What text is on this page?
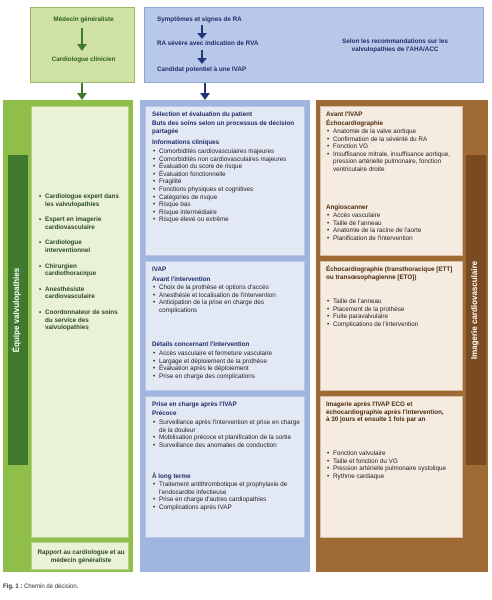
Médecin généraliste
Cardiologue clinicien
Symptômes et signes de RA
RA sévère avec indication de RVA
Candidat potentiel à une IVAP
Selon les recommandations sur les valvulopathies de l'AHA/ACC
Équipe valvulopathies
• Cardiologue expert dans les valvulopathies
• Expert en imagerie cardiovasculaire
• Cardiologue interventionnel
• Chirurgien cardiothoracique
• Anesthésiste cardiovasculaire
• Coordonnateur de soins du service des valvulopathies
Rapport au cardiologue et au médecin généraliste
Sélection et évaluation du patient
Buts des soins selon un processus de décision partagée
Informations cliniques
• Comorbidités cardiovasculaires majeures
• Comorbidités non cardiovasculaires majeures
• Évaluation du score de risque
• Évaluation fonctionnelle
• Fragilité
• Fonctions physiques et cognitives
• Catégories de risque
• Risque bas
• Risque intermédiaire
• Risque élevé ou extrême
IVAP
Avant l'intervention
• Choix de la prothèse et options d'accès
• Anesthésie et localisation de l'intervention
• Anticipation de la prise en charge des complications
Détails concernant l'intervention
• Accès vasculaire et fermeture vasculaire
• Largage et déploiement de la prothèse
• Évaluation après le déploiement
• Prise en charge des complications
Prise en charge après l'IVAP
Précoce
• Surveillance après l'intervention et prise en charge de la douleur
• Mobilisation précoce et planification de la sortie
• Surveillance des anomalies de conduction
À long terme
• Traitement antithrombotique et prophylaxie de l'endocardite infectieuse
• Prise en charge d'autres cardiopathies
• Complications après IVAP
Imagerie cardiovasculaire
Avant l'IVAP
Échocardiographie
• Anatomie de la valve aortique
• Confirmation de la sévérité du RA
• Fonction VG
• Insuffisance mitrale, insuffisance aortique, pression artérielle pulmonaire, fonction ventriculaire droite
Angioscanner
• Accès vasculaire
• Taille de l'anneau
• Anatomie de la racine de l'aorte
• Planification de l'intervention
Échocardiographie (transthoracique [ETT] ou transœsophagienne [ETO])
• Taille de l'anneau
• Placement de la prothèse
• Fuite paravalvulaire
• Complications de l'intervention
Imagerie après l'IVAP ECG et échocardiographie après l'intervention, à 30 jours et ensuite 1 fois par an
• Fonction valvulaire
• Taille et fonction du VG
• Pression artérielle pulmonaire systolique
• Rythme cardiaque
Fig. 1 : Chemin de décision.
